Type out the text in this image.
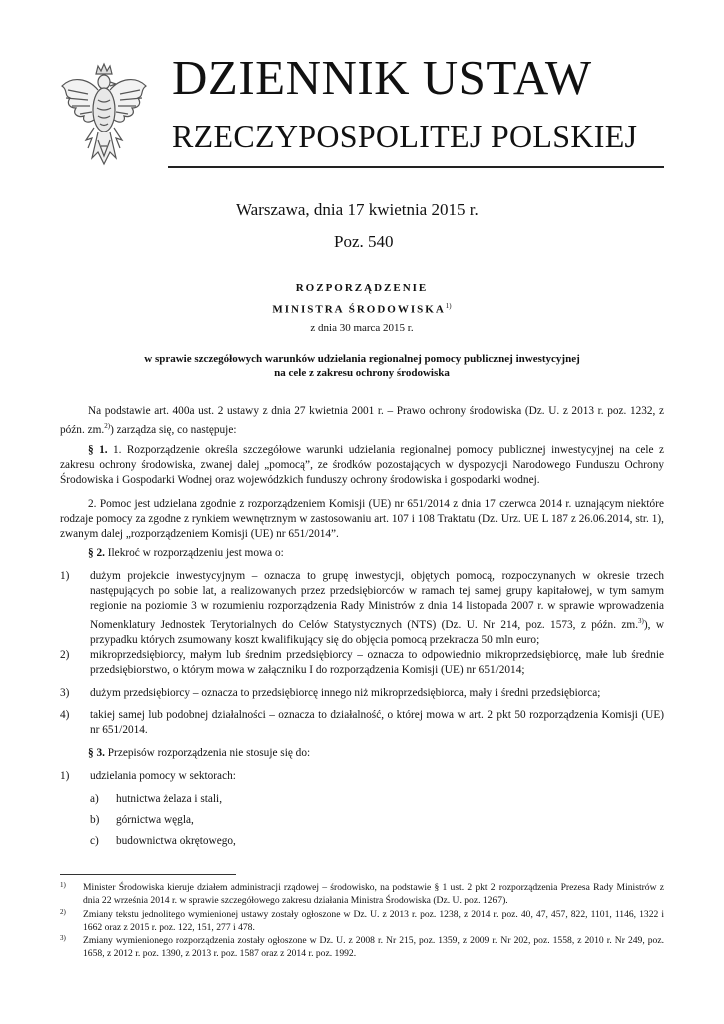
DZIENNIK USTAW
RZECZYPOSPOLITEJ POLSKIEJ
Warszawa, dnia 17 kwietnia 2015 r.
Poz. 540
ROZPORZĄDZENIE
MINISTRA ŚRODOWISKA$^{1)}$
z dnia 30 marca 2015 r.
w sprawie szczegółowych warunków udzielania regionalnej pomocy publicznej inwestycyjnej
na cele z zakresu ochrony środowiska
Na podstawie art. 400a ust. 2 ustawy z dnia 27 kwietnia 2001 r. – Prawo ochrony środowiska (Dz. U. z 2013 r. poz. 1232, z późn. zm.$^{2)}$) zarządza się, co następuje:
§ 1. 1. Rozporządzenie określa szczegółowe warunki udzielania regionalnej pomocy publicznej inwestycyjnej na cele z zakresu ochrony środowiska, zwanej dalej „pomocą”, ze środków pozostających w dyspozycji Narodowego Funduszu Ochrony Środowiska i Gospodarki Wodnej oraz wojewódzkich funduszy ochrony środowiska i gospodarki wodnej.
2. Pomoc jest udzielana zgodnie z rozporządzeniem Komisji (UE) nr 651/2014 z dnia 17 czerwca 2014 r. uznającym niektóre rodzaje pomocy za zgodne z rynkiem wewnętrznym w zastosowaniu art. 107 i 108 Traktatu (Dz. Urz. UE L 187 z 26.06.2014, str. 1), zwanym dalej „rozporządzeniem Komisji (UE) nr 651/2014”.
§ 2. Ilekroć w rozporządzeniu jest mowa o:
1) dużym projekcie inwestycyjnym – oznacza to grupę inwestycji, objętych pomocą, rozpoczynanych w okresie trzech następujących po sobie lat, a realizowanych przez przedsiębiorców w ramach tej samej grupy kapitałowej, w tym samym regionie na poziomie 3 w rozumieniu rozporządzenia Rady Ministrów z dnia 14 listopada 2007 r. w sprawie wprowadzenia Nomenklatury Jednostek Terytorialnych do Celów Statystycznych (NTS) (Dz. U. Nr 214, poz. 1573, z późn. zm.$^{3)}$), w przypadku których zsumowany koszt kwalifikujący się do objęcia pomocą przekracza 50 mln euro;
2) mikroprzedsiębiorcy, małym lub średnim przedsiębiorcy – oznacza to odpowiednio mikroprzedsiębiorcę, małe lub średnie przedsiębiorstwo, o którym mowa w załączniku I do rozporządzenia Komisji (UE) nr 651/2014;
3) dużym przedsiębiorcy – oznacza to przedsiębiorcę innego niż mikroprzedsiębiorca, mały i średni przedsiębiorca;
4) takiej samej lub podobnej działalności – oznacza to działalność, o której mowa w art. 2 pkt 50 rozporządzenia Komisji (UE) nr 651/2014.
§ 3. Przepisów rozporządzenia nie stosuje się do:
1) udzielania pomocy w sektorach:
a) hutnictwa żelaza i stali,
b) górnictwa węgla,
c) budownictwa okrętowego,
1) Minister Środowiska kieruje działem administracji rządowej – środowisko, na podstawie § 1 ust. 2 pkt 2 rozporządzenia Prezesa Rady Ministrów z dnia 22 września 2014 r. w sprawie szczegółowego zakresu działania Ministra Środowiska (Dz. U. poz. 1267).
2) Zmiany tekstu jednolitego wymienionej ustawy zostały ogłoszone w Dz. U. z 2013 r. poz. 1238, z 2014 r. poz. 40, 47, 457, 822, 1101, 1146, 1322 i 1662 oraz z 2015 r. poz. 122, 151, 277 i 478.
3) Zmiany wymienionego rozporządzenia zostały ogłoszone w Dz. U. z 2008 r. Nr 215, poz. 1359, z 2009 r. Nr 202, poz. 1558, z 2010 r. Nr 249, poz. 1658, z 2012 r. poz. 1390, z 2013 r. poz. 1587 oraz z 2014 r. poz. 1992.
